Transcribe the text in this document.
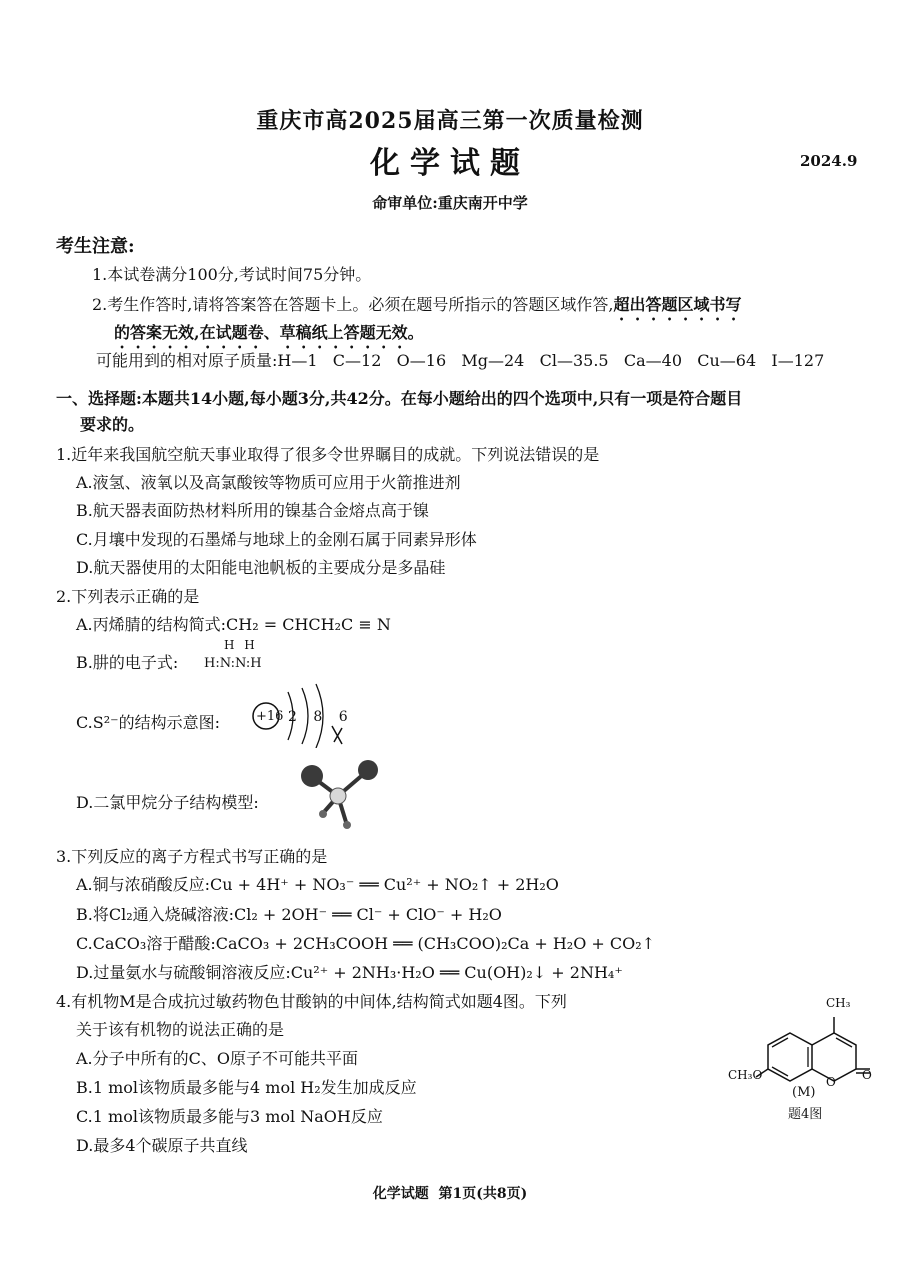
重庆市高2025届高三第一次质量检测
化学试题	2024.9
命审单位:重庆南开中学
考生注意:
1.本试卷满分100分,考试时间75分钟。
2.考生作答时,请将答案答在答题卡上。必须在题号所指示的答题区域作答,超出答题区域书写
的答案无效,在试题卷、草稿纸上答题无效。
可能用到的相对原子质量:H—1   C—12   O—16   Mg—24   Cl—35.5   Ca—40   Cu—64   I—127
一、选择题:本题共14小题,每小题3分,共42分。在每小题给出的四个选项中,只有一项是符合题目
要求的。
1.近年来我国航空航天事业取得了很多令世界瞩目的成就。下列说法错误的是
A.液氢、液氧以及高氯酸铵等物质可应用于火箭推进剂
B.航天器表面防热材料所用的镍基合金熔点高于镍
C.月壤中发现的石墨烯与地球上的金刚石属于同素异形体
D.航天器使用的太阳能电池帆板的主要成分是多晶硅
2.下列表示正确的是
A.丙烯腈的结构简式:CH₂ = CHCH₂C ≡ N
B.肼的电子式:
H H
H:N:N:H
C.S²⁻的结构示意图:	+16 2 8 6
D.二氯甲烷分子结构模型:
3.下列反应的离子方程式书写正确的是
A.铜与浓硝酸反应:Cu + 4H⁺ + NO₃⁻ ══ Cu²⁺ + NO₂↑ + 2H₂O
B.将Cl₂通入烧碱溶液:Cl₂ + 2OH⁻ ══ Cl⁻ + ClO⁻ + H₂O
C.CaCO₃溶于醋酸:CaCO₃ + 2CH₃COOH ══ (CH₃COO)₂Ca + H₂O + CO₂↑
D.过量氨水与硫酸铜溶液反应:Cu²⁺ + 2NH₃·H₂O ══ Cu(OH)₂↓ + 2NH₄⁺
4.有机物M是合成抗过敏药物色甘酸钠的中间体,结构简式如题4图。下列
关于该有机物的说法正确的是
A.分子中所有的C、O原子不可能共平面
B.1 mol该物质最多能与4 mol H₂发生加成反应
C.1 mol该物质最多能与3 mol NaOH反应
D.最多4个碳原子共直线
CH₃
O
O
CH₃O
(M)
题4图
化学试题  第1页(共8页)
